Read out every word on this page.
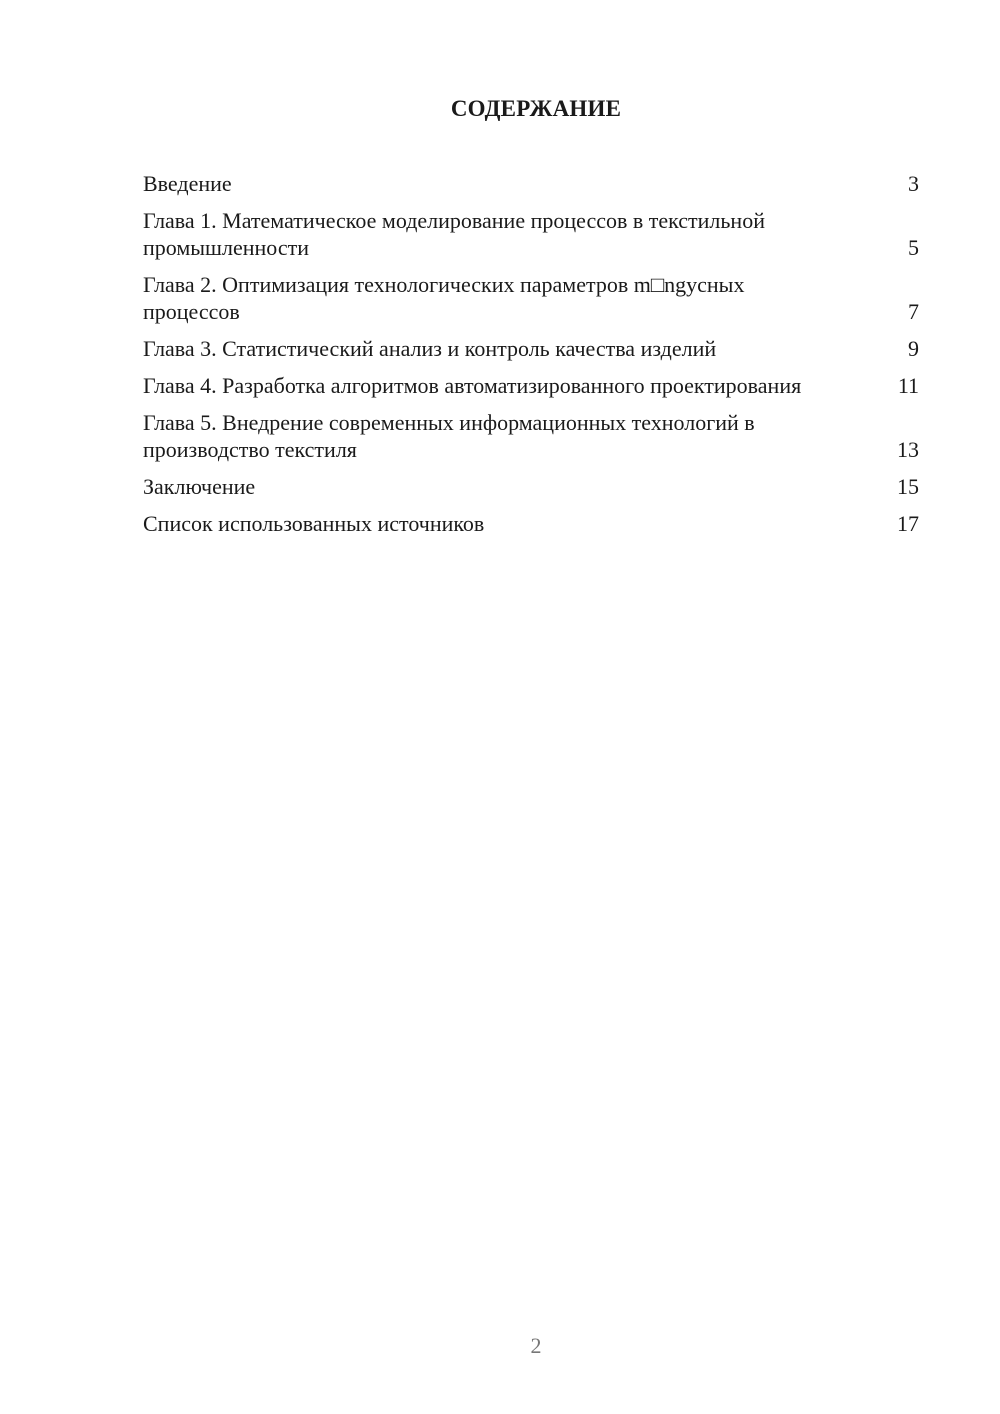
СОДЕРЖАНИЕ
Введение	3
Глава 1. Математическое моделирование процессов в текстильной промышленности	5
Глава 2. Оптимизация технологических параметров m□ngyсных процессов	7
Глава 3. Статистический анализ и контроль качества изделий	9
Глава 4. Разработка алгоритмов автоматизированного проектирования	11
Глава 5. Внедрение современных информационных технологий в производство текстиля	13
Заключение	15
Список использованных источников	17
2
